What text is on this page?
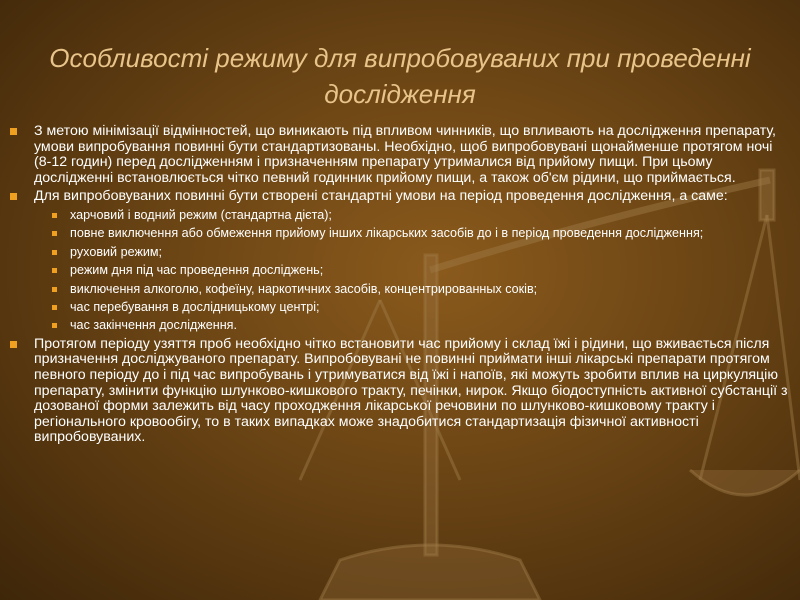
Особливості режиму для випробовуваних при проведенні дослідження
З метою мінімізації відмінностей, що виникають під впливом чинників, що впливають на дослідження препарату, умови випробування повинні бути стандартизованы. Необхідно, щоб випробовувані щонайменше протягом ночі (8-12 годин) перед дослідженням і призначенням препарату утрималися від прийому пищи. При цьому дослідженні встановлюється чітко певний годинник прийому пищи, а також об'єм рідини, що приймається.
Для випробовуваних повинні бути створені стандартні умови на період проведення дослідження, а саме:
харчовий і водний режим (стандартна дієта);
повне виключення або обмеження прийому інших лікарських засобів до і в період проведення дослідження;
руховий режим;
режим дня під час проведення досліджень;
виключення алкоголю, кофеїну, наркотичних засобів, концентрированных соків;
час перебування в дослідницькому центрі;
час закінчення дослідження.
Протягом періоду узяття проб необхідно чітко встановити час прийому і склад їжі і рідини, що вживається після призначення досліджуваного препарату. Випробовувані не повинні приймати інші лікарські препарати протягом певного періоду до і під час випробувань і утримуватися від їжі і напоїв, які можуть зробити вплив на циркуляцію препарату, змінити функцію шлунково-кишкового тракту, печінки, нирок. Якщо біодоступність активної субстанції з дозованої форми залежить від часу проходження лікарської речовини по шлунково-кишковому тракту і регіонального кровообігу, то в таких випадках може знадобитися стандартизація фізичної активності випробовуваних.
